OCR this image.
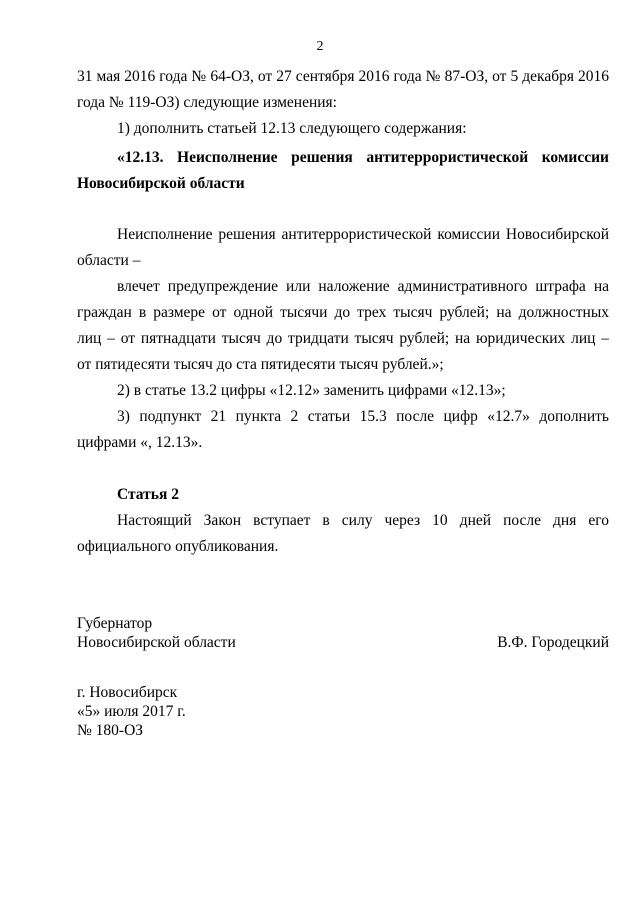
2

31 мая 2016 года № 64-ОЗ, от 27 сентября 2016 года № 87-ОЗ, от 5 декабря 2016

года № 119-ОЗ) следующие изменения:

1) дополнить статьей 12.13 следующего содержания:

«12.13. Неисполнение решения антитеррористической комиссии

Новосибирской области

Неисполнение решения антитеррористической комиссии Новосибирской

области –

влечет предупреждение или наложение административного штрафа на

граждан в размере от одной тысячи до трех тысяч рублей; на должностных

лиц – от пятнадцати тысяч до тридцати тысяч рублей; на юридических лиц –

от пятидесяти тысяч до ста пятидесяти тысяч рублей.»;

2) в статье 13.2 цифры «12.12» заменить цифрами «12.13»;

3) подпункт 21 пункта 2 статьи 15.3 после цифр «12.7» дополнить

цифрами «, 12.13».

Статья 2

Настоящий Закон вступает в силу через 10 дней после дня его

официального опубликования.

Губернатор
Новосибирской области	В.Ф. Городецкий
г. Новосибирск
«5» июля 2017 г.
№ 180-ОЗ
